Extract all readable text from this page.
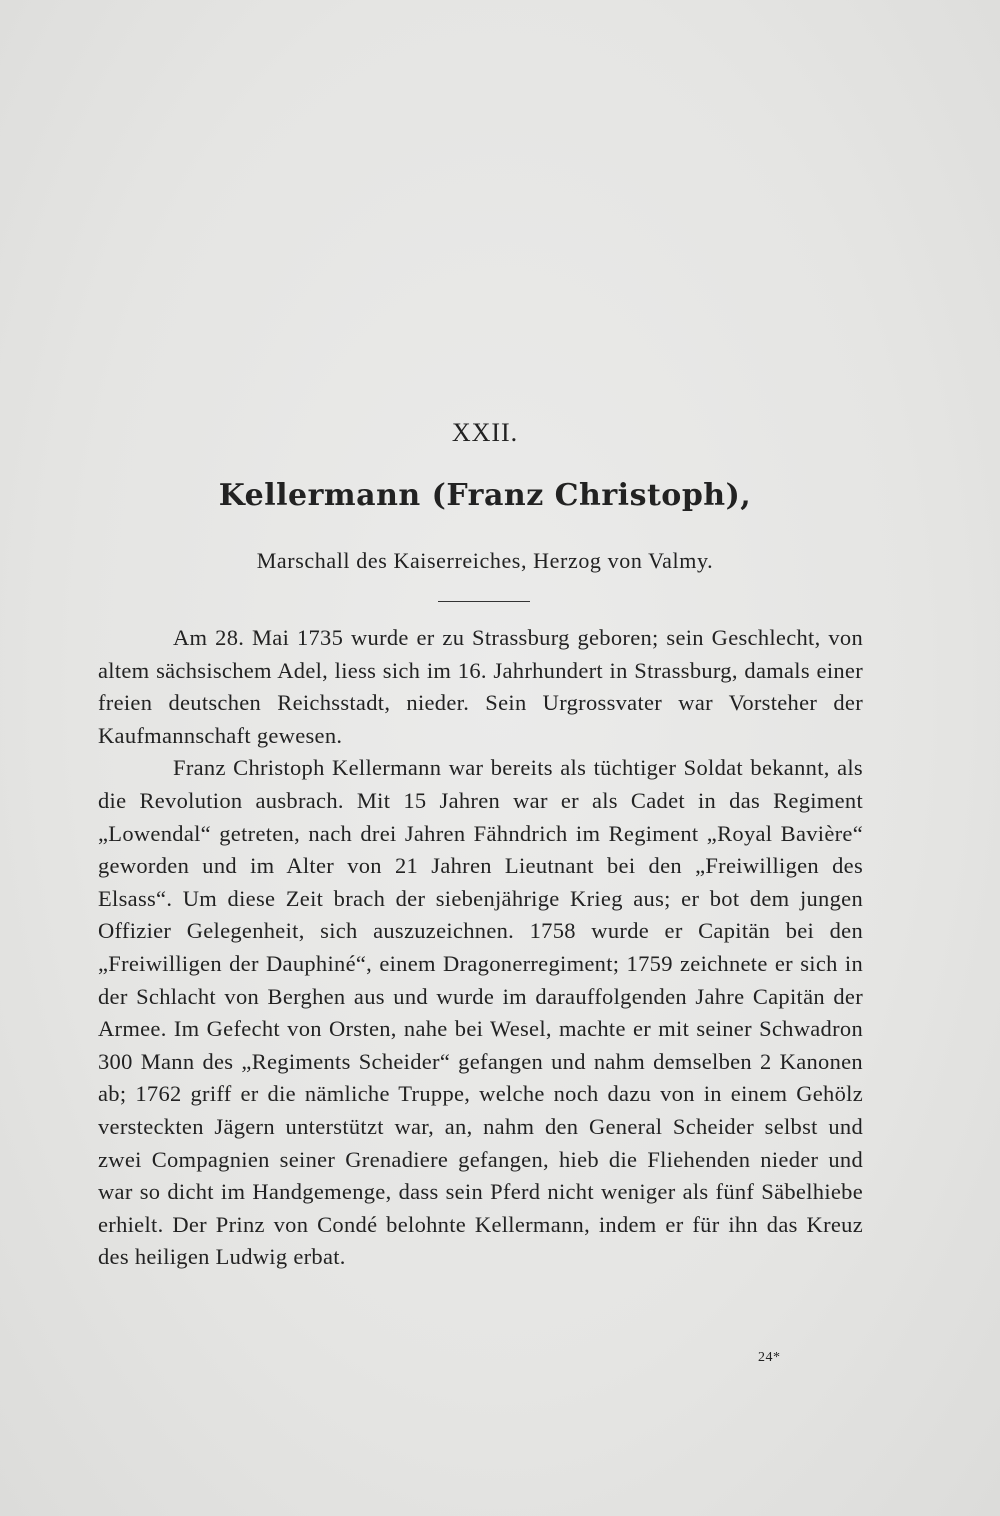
XXII.
Kellermann (Franz Christoph),
Marschall des Kaiserreiches, Herzog von Valmy.

Am 28. Mai 1735 wurde er zu Strassburg geboren; sein Geschlecht, von altem sächsischem Adel, liess sich im 16. Jahrhundert in Strassburg, damals einer freien deutschen Reichsstadt, nieder. Sein Urgrossvater war Vorsteher der Kaufmannschaft gewesen.

Franz Christoph Kellermann war bereits als tüchtiger Soldat bekannt, als die Revolution ausbrach. Mit 15 Jahren war er als Cadet in das Regiment „Lowendal“ getreten, nach drei Jahren Fähndrich im Regiment „Royal Bavière“ geworden und im Alter von 21 Jahren Lieutnant bei den „Freiwilligen des Elsass“. Um diese Zeit brach der siebenjährige Krieg aus; er bot dem jungen Offizier Gelegenheit, sich auszuzeichnen. 1758 wurde er Capitän bei den „Freiwilligen der Dauphiné“, einem Dragonerregiment; 1759 zeichnete er sich in der Schlacht von Berghen aus und wurde im darauffolgenden Jahre Capitän der Armee. Im Gefecht von Orsten, nahe bei Wesel, machte er mit seiner Schwadron 300 Mann des „Regiments Scheider“ gefangen und nahm demselben 2 Kanonen ab; 1762 griff er die nämliche Truppe, welche noch dazu von in einem Gehölz versteckten Jägern unterstützt war, an, nahm den General Scheider selbst und zwei Compagnien seiner Grenadiere gefangen, hieb die Fliehenden nieder und war so dicht im Handgemenge, dass sein Pferd nicht weniger als fünf Säbelhiebe erhielt. Der Prinz von Condé belohnte Kellermann, indem er für ihn das Kreuz des heiligen Ludwig erbat.

24*
